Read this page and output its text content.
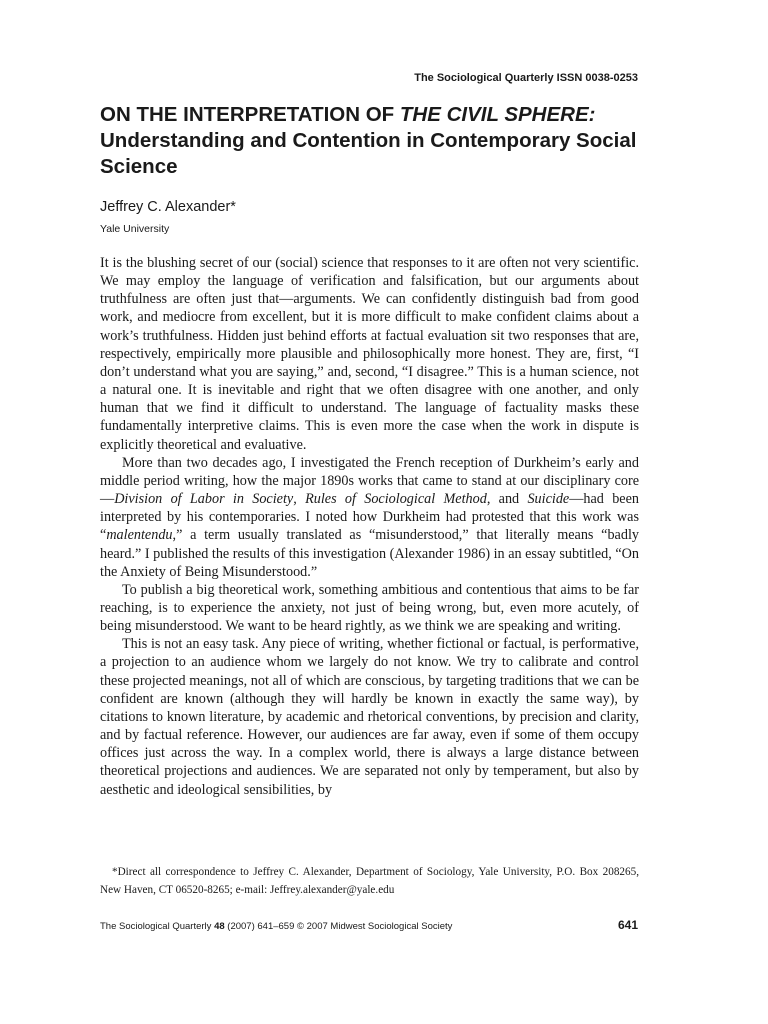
The Sociological Quarterly ISSN 0038-0253
ON THE INTERPRETATION OF THE CIVIL SPHERE: Understanding and Contention in Contemporary Social Science
Jeffrey C. Alexander*
Yale University

It is the blushing secret of our (social) science that responses to it are often not very scientific. We may employ the language of verification and falsification, but our arguments about truthfulness are often just that—arguments. We can confidently distinguish bad from good work, and mediocre from excellent, but it is more difficult to make confident claims about a work’s truthfulness. Hidden just behind efforts at factual evaluation sit two responses that are, respectively, empirically more plausible and philosophically more honest. They are, first, “I don’t understand what you are saying,” and, second, “I disagree.” This is a human science, not a natural one. It is inevitable and right that we often disagree with one another, and only human that we find it difficult to understand. The language of factuality masks these fundamentally interpretive claims. This is even more the case when the work in dispute is explicitly theoretical and evaluative.

More than two decades ago, I investigated the French reception of Durkheim’s early and middle period writing, how the major 1890s works that came to stand at our disciplinary core—Division of Labor in Society, Rules of Sociological Method, and Suicide—had been interpreted by his contemporaries. I noted how Durkheim had protested that this work was “malentendu,” a term usually translated as “misunderstood,” that literally means “badly heard.” I published the results of this investigation (Alexander 1986) in an essay subtitled, “On the Anxiety of Being Misunderstood.”

To publish a big theoretical work, something ambitious and contentious that aims to be far reaching, is to experience the anxiety, not just of being wrong, but, even more acutely, of being misunderstood. We want to be heard rightly, as we think we are speaking and writing.

This is not an easy task. Any piece of writing, whether fictional or factual, is performative, a projection to an audience whom we largely do not know. We try to calibrate and control these projected meanings, not all of which are conscious, by targeting traditions that we can be confident are known (although they will hardly be known in exactly the same way), by citations to known literature, by academic and rhetorical conventions, by precision and clarity, and by factual reference. However, our audiences are far away, even if some of them occupy offices just across the way. In a complex world, there is always a large distance between theoretical projections and audiences. We are separated not only by temperament, but also by aesthetic and ideological sensibilities, by

*Direct all correspondence to Jeffrey C. Alexander, Department of Sociology, Yale University, P.O. Box 208265, New Haven, CT 06520-8265; e-mail: Jeffrey.alexander@yale.edu

The Sociological Quarterly 48 (2007) 641–659 © 2007 Midwest Sociological Society	641
